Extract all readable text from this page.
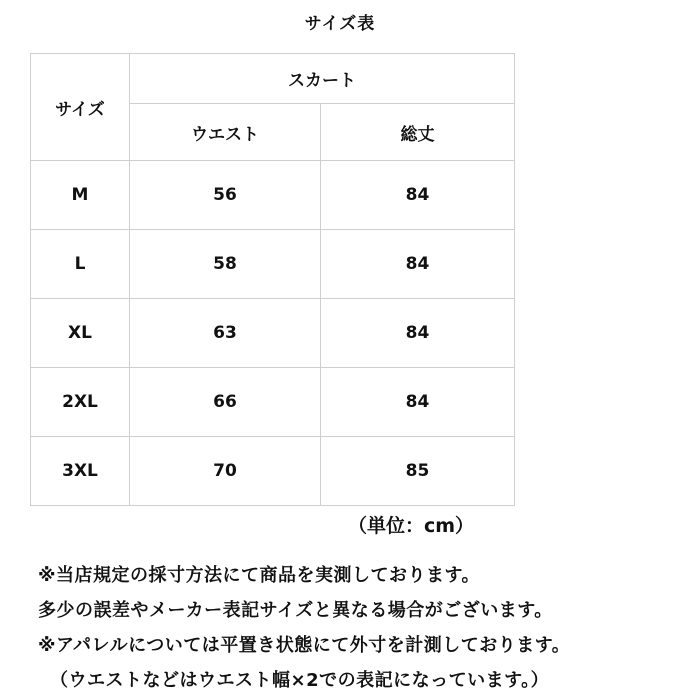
サイズ表
サイズ	スカート	
	ウエスト	総丈
M	56	84
L	58	84
XL	63	84
2XL	66	84
3XL	70	85
（単位：cm）
※当店規定の採寸方法にて商品を実測しております。
多少の誤差やメーカー表記サイズと異なる場合がございます。
※アパレルについては平置き状態にて外寸を計測しております。
（ウエストなどはウエスト幅×2での表記になっています。）
